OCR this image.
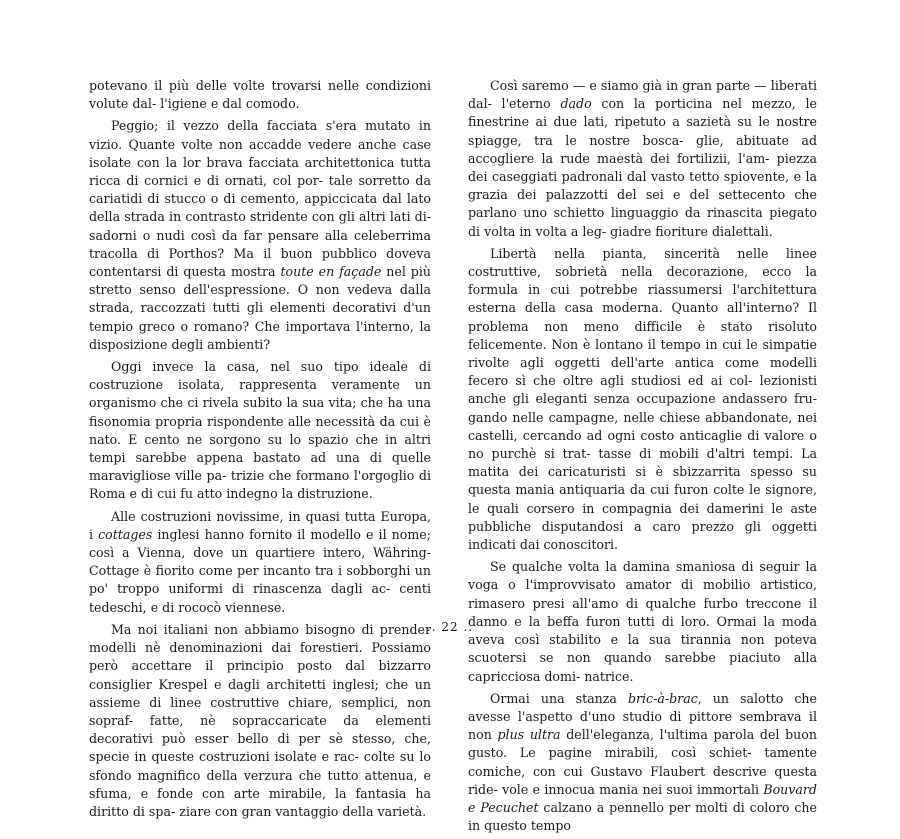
potevano il più delle volte trovarsi nelle condizioni volute dal- l'igiene e dal comodo.

Peggio; il vezzo della facciata s'era mutato in vizio. Quante volte non accadde vedere anche case isolate con la lor brava facciata architettonica tutta ricca di cornici e di ornati, col por- tale sorretto da cariatidi di stucco o di cemento, appiccicata dal lato della strada in contrasto stridente con gli altri lati di- sadorni o nudi così da far pensare alla celeberrima tracolla di Porthos? Ma il buon pubblico doveva contentarsi di questa mostra toute en façade nel più stretto senso dell'espressione. O non vedeva dalla strada, raccozzati tutti gli elementi decorativi d'un tempio greco o romano? Che importava l'interno, la disposizione degli ambienti?

Oggi invece la casa, nel suo tipo ideale di costruzione isolata, rappresenta veramente un organismo che ci rivela subito la sua vita; che ha una fisonomia propria rispondente alle necessità da cui è nato. E cento ne sorgono su lo spazio che in altri tempi sarebbe appena bastato ad una di quelle maravigliose ville pa- trizie che formano l'orgoglio di Roma e di cui fu atto indegno la distruzione.

Alle costruzioni novissime, in quasi tutta Europa, i cottages inglesi hanno fornito il modello e il nome; così a Vienna, dove un quartiere intero, Währing-Cottage è fiorito come per incanto tra i sobborghi un po' troppo uniformi di rinascenza dagli ac- centi tedeschi, e di rococò viennese.

Ma noi italiani non abbiamo bisogno di prender modelli nè denominazioni dai forestieri. Possiamo però accettare il principio posto dal bizzarro consiglier Krespel e dagli architetti inglesi; che un assieme di linee costruttive chiare, semplici, non sopraf- fatte, nè sopraccaricate da elementi decorativi può esser bello di per sè stesso, che, specie in queste costruzioni isolate e rac- colte su lo sfondo magnifico della verzura che tutto attenua, e sfuma, e fonde con arte mirabile, la fantasia ha diritto di spa- ziare con gran vantaggio della varietà.

Così saremo — e siamo già in gran parte — liberati dal- l'eterno dado con la porticina nel mezzo, le finestrine ai due lati, ripetuto a sazietà su le nostre spiagge, tra le nostre bosca- glie, abituate ad accogliere la rude maestà dei fortilizii, l'am- piezza dei caseggiati padronali dal vasto tetto spiovente, e la grazia dei palazzotti del sei e del settecento che parlano uno schietto linguaggio da rinascita piegato di volta in volta a leg- giadre fioriture dialettali.

Libertà nella pianta, sincerità nelle linee costruttive, sobrietà nella decorazione, ecco la formula in cui potrebbe riassumersi l'architettura esterna della casa moderna. Quanto all'interno? Il problema non meno difficile è stato risoluto felicemente. Non è lontano il tempo in cui le simpatie rivolte agli oggetti dell'arte antica come modelli fecero sì che oltre agli studiosi ed ai col- lezionisti anche gli eleganti senza occupazione andassero fru- gando nelle campagne, nelle chiese abbandonate, nei castelli, cercando ad ogni costo anticaglie di valore o no purchè si trat- tasse di mobili d'altri tempi. La matita dei caricaturisti si è sbizzarrita spesso su questa mania antiquaria da cui furon colte le signore, le quali corsero in compagnia dei damerini le aste pubbliche disputandosi a caro prezzo gli oggetti indicati dai conoscitori.

Se qualche volta la damina smaniosa di seguir la voga o l'improvvisato amator di mobilio artistico, rimasero presi all'amo di qualche furbo treccone il danno e la beffa furon tutti di loro. Ormai la moda aveva così stabilito e la sua tirannia non poteva scuotersi se non quando sarebbe piaciuto alla capricciosa domi- natrice.

Ormai una stanza bric-à-brac, un salotto che avesse l'aspetto d'uno studio di pittore sembrava il non plus ultra dell'eleganza, l'ultima parola del buon gusto. Le pagine mirabili, così schiet- tamente comiche, con cui Gustavo Flaubert descrive questa ride- vole e innocua mania nei suoi immortali Bouvard e Pecuchet calzano a pennello per molti di coloro che in questo tempo

.. 22 ..
